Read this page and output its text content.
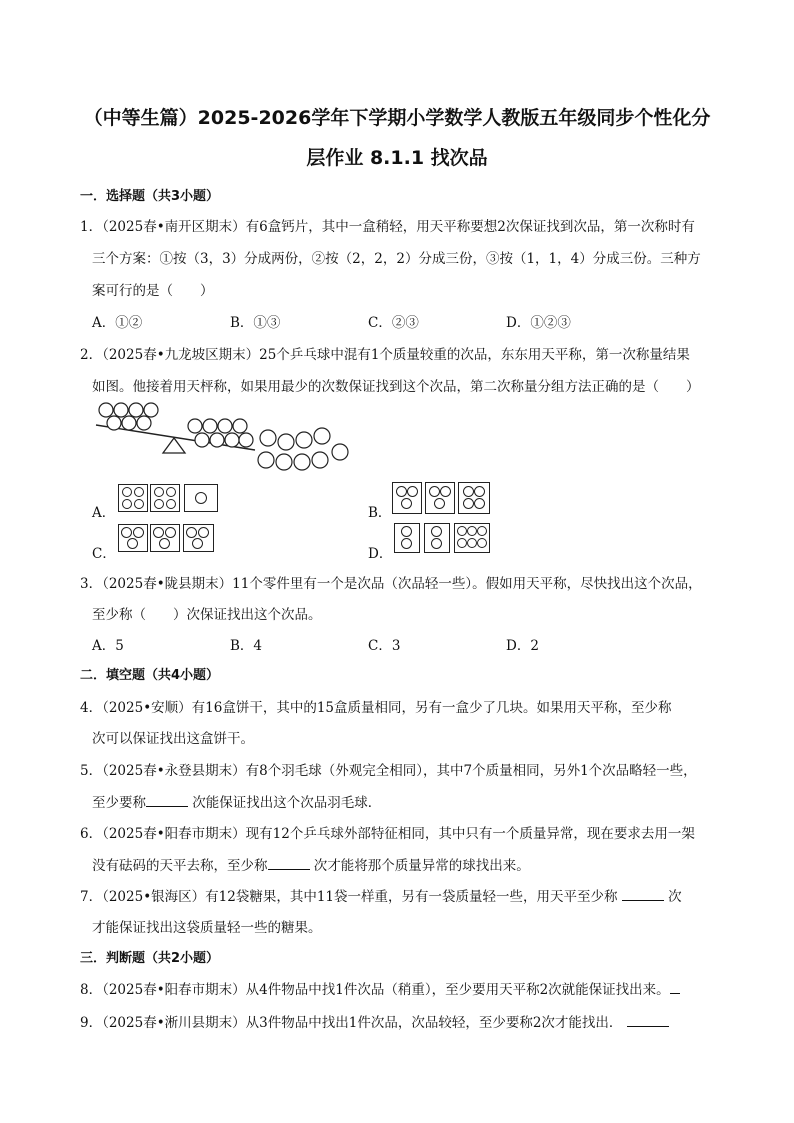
（中等生篇）2025-2026学年下学期小学数学人教版五年级同步个性化分
层作业 8.1.1 找次品
一．选择题（共3小题）
1．（2025春•南开区期末）有6盒钙片，其中一盒稍轻，用天平称要想2次保证找到次品，第一次称时有
三个方案：①按（3，3）分成两份，②按（2，2，2）分成三份，③按（1，1，4）分成三份。三种方
案可行的是（　　）
A．①②	B．①③	C．②③	D．①②③
2．（2025春•九龙坡区期末）25个乒乓球中混有1个质量较重的次品，东东用天平称，第一次称量结果
如图。他接着用天枰称，如果用最少的次数保证找到这个次品，第二次称量分组方法正确的是（　　）
A．	B．
C．	D．
3．（2025春•陇县期末）11个零件里有一个是次品（次品轻一些）。假如用天平称，尽快找出这个次品，
至少称（　　）次保证找出这个次品。
A．5	B．4	C．3	D．2
二．填空题（共4小题）
4．（2025•安顺）有16盒饼干，其中的15盒质量相同，另有一盒少了几块。如果用天平称，至少称
次可以保证找出这盒饼干。
5．（2025春•永登县期末）有8个羽毛球（外观完全相同），其中7个质量相同，另外1个次品略轻一些，
至少要称	次能保证找出这个次品羽毛球．
6．（2025春•阳春市期末）现有12个乒乓球外部特征相同，其中只有一个质量异常，现在要求去用一架
没有砝码的天平去称，至少称	次才能将那个质量异常的球找出来。
7．（2025•银海区）有12袋糖果，其中11袋一样重，另有一袋质量轻一些，用天平至少称	次
才能保证找出这袋质量轻一些的糖果。
三．判断题（共2小题）
8．（2025春•阳春市期末）从4件物品中找1件次品（稍重），至少要用天平称2次就能保证找出来。
9．（2025春•淅川县期末）从3件物品中找出1件次品，次品较轻，至少要称2次才能找出．
